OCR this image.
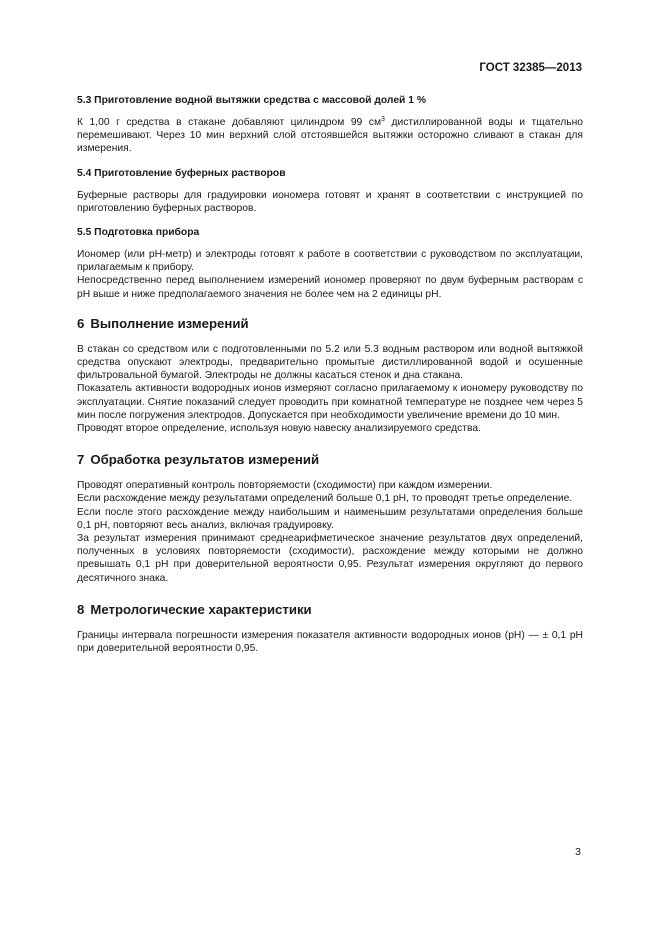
ГОСТ 32385—2013
5.3 Приготовление водной вытяжки средства с массовой долей 1 %

К 1,00 г средства в стакане добавляют цилиндром 99 $см^3$ дистиллированной воды и тщательно перемешивают. Через 10 мин верхний слой отстоявшейся вытяжки осторожно сливают в стакан для измерения.

5.4 Приготовление буферных растворов

Буферные растворы для градуировки иономера готовят и хранят в соответствии с инструкцией по приготовлению буферных растворов.

5.5 Подготовка прибора

Иономер (или рН-метр) и электроды готовят к работе в соответствии с руководством по эксплуатации, прилагаемым к прибору.

Непосредственно перед выполнением измерений иономер проверяют по двум буферным растворам с рН выше и ниже предполагаемого значения не более чем на 2 единицы рН.

6 Выполнение измерений

В стакан со средством или с подготовленными по 5.2 или 5.3 водным раствором или водной вытяжкой средства опускают электроды, предварительно промытые дистиллированной водой и осушенные фильтровальной бумагой. Электроды не должны касаться стенок и дна стакана.

Показатель активности водородных ионов измеряют согласно прилагаемому к иономеру руководству по эксплуатации. Снятие показаний следует проводить при комнатной температуре не позднее чем через 5 мин после погружения электродов. Допускается при необходимости увеличение времени до 10 мин.

Проводят второе определение, используя новую навеску анализируемого средства.

7 Обработка результатов измерений

Проводят оперативный контроль повторяемости (сходимости) при каждом измерении.

Если расхождение между результатами определений больше 0,1 рН, то проводят третье определение.

Если после этого расхождение между наибольшим и наименьшим результатами определения больше 0,1 рН, повторяют весь анализ, включая градуировку.

За результат измерения принимают среднеарифметическое значение результатов двух определений, полученных в условиях повторяемости (сходимости), расхождение между которыми не должно превышать 0,1 рН при доверительной вероятности 0,95. Результат измерения округляют до первого десятичного знака.

8 Метрологические характеристики

Границы интервала погрешности измерения показателя активности водородных ионов (рН) — ± 0,1 рН при доверительной вероятности 0,95.

3
